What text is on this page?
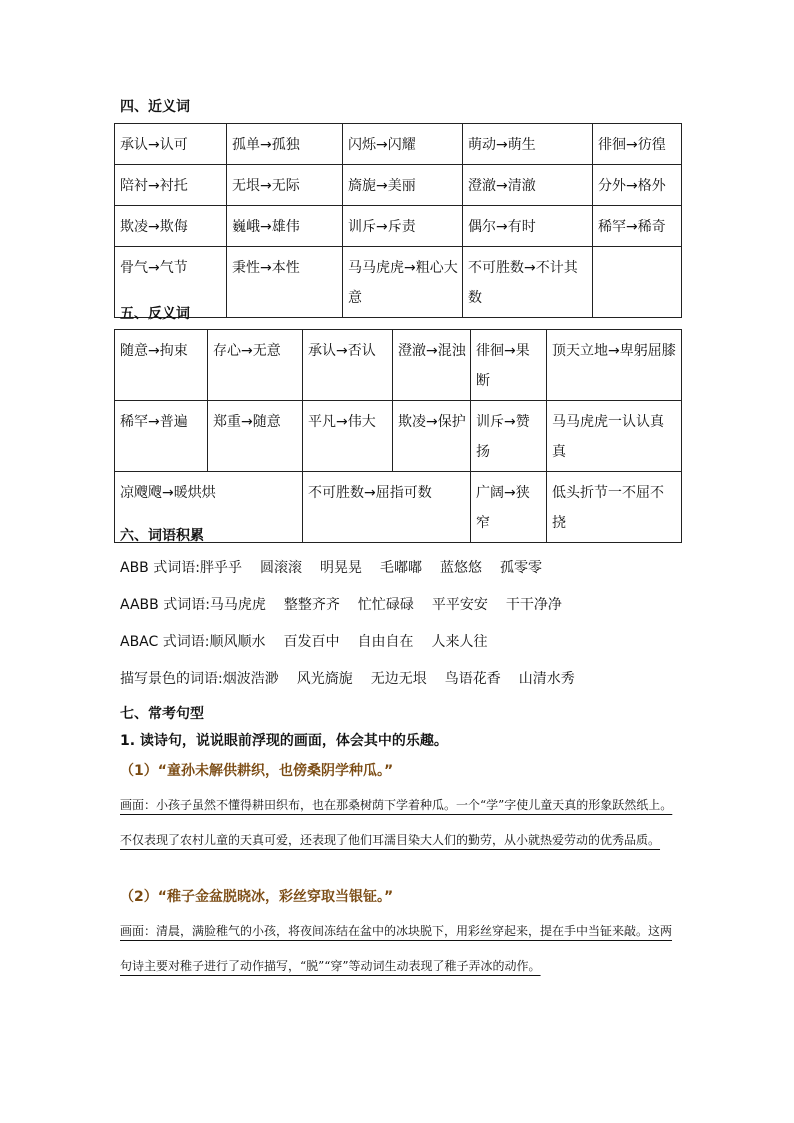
四、近义词
承认→认可	孤单→孤独	闪烁→闪耀	萌动→萌生	徘徊→彷徨
陪衬→衬托	无垠→无际	旖旎→美丽	澄澈→清澈	分外→格外
欺凌→欺侮	巍峨→雄伟	训斥→斥责	偶尔→有时	稀罕→稀奇
骨气→气节	秉性→本性	马马虎虎→粗心大意	不可胜数→不计其数	
五、反义词
随意→拘束	存心→无意	承认→否认	澄澈→混浊	徘徊→果断	顶天立地→卑躬屈膝
稀罕→普遍	郑重→随意	平凡→伟大	欺凌→保护	训斥→赞扬	马马虎虎一认认真真
凉飕飕→暖烘烘		不可胜数→屈指可数		广阔→狭窄	低头折节一不屈不挠
六、词语积累
ABB 式词语:胖乎乎 圆滚滚 明晃晃 毛嘟嘟 蓝悠悠 孤零零
AABB 式词语:马马虎虎 整整齐齐 忙忙碌碌 平平安安 干干净净
ABAC 式词语:顺风顺水 百发百中 自由自在 人来人往
描写景色的词语:烟波浩渺 风光旖旎 无边无垠 鸟语花香 山清水秀
七、常考句型
1. 读诗句，说说眼前浮现的画面，体会其中的乐趣。
（1）“童孙未解供耕织，也傍桑阴学种瓜。”
画面：小孩子虽然不懂得耕田织布，也在那桑树荫下学着种瓜。一个“学”字使儿童天真的形象跃然纸上。不仅表现了农村儿童的天真可爱，还表现了他们耳濡目染大人们的勤劳，从小就热爱劳动的优秀品质。
（2）“稚子金盆脱晓冰，彩丝穿取当银钲。”
画面：清晨，满脸稚气的小孩，将夜间冻结在盆中的冰块脱下，用彩丝穿起来，提在手中当钲来敲。这两句诗主要对稚子进行了动作描写，“脱”“穿”等动词生动表现了稚子弄冰的动作。
